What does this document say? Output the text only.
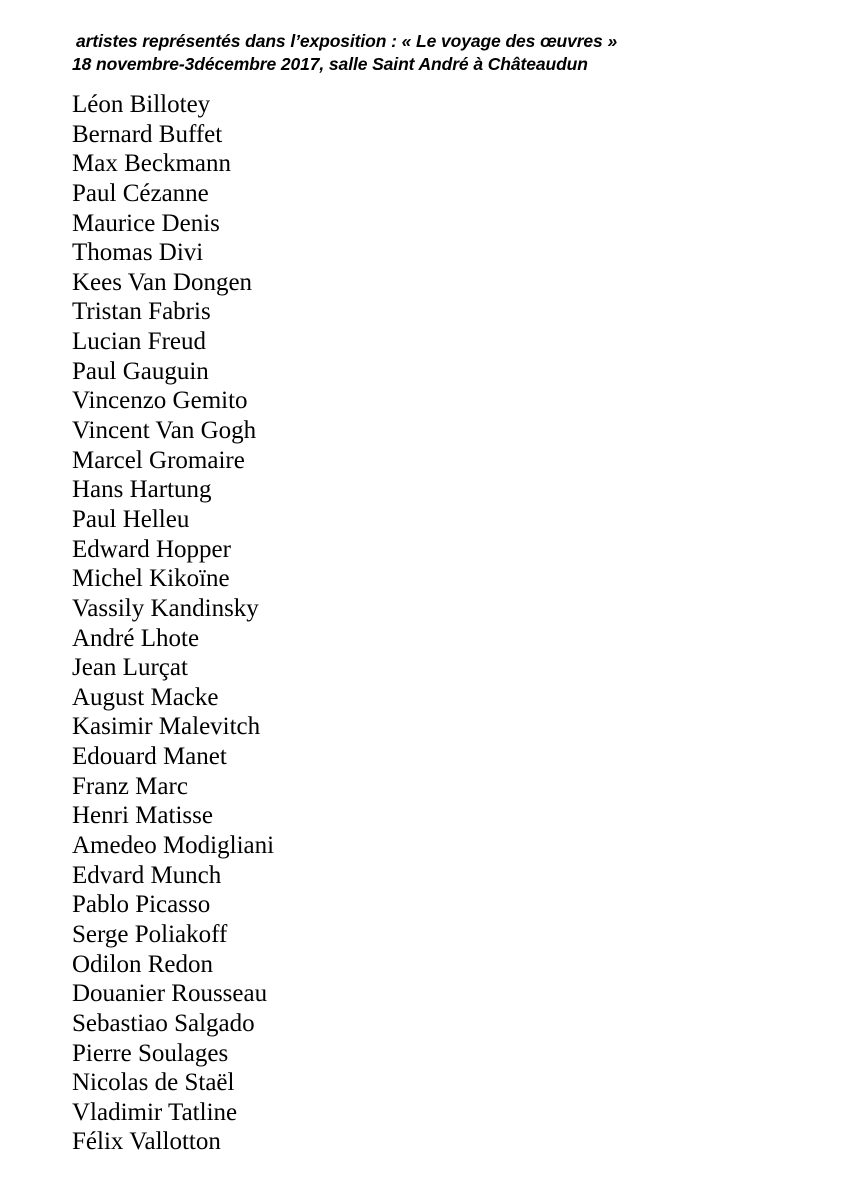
artistes représentés dans l’exposition : « Le voyage des œuvres »
18 novembre-3décembre 2017, salle Saint André à Châteaudun
Léon Billotey
Bernard Buffet
Max Beckmann
Paul Cézanne
Maurice Denis
Thomas Divi
Kees Van Dongen
Tristan Fabris
Lucian Freud
Paul Gauguin
Vincenzo Gemito
Vincent Van Gogh
Marcel Gromaire
Hans Hartung
Paul Helleu
Edward Hopper
Michel Kikoïne
Vassily Kandinsky
André Lhote
Jean Lurçat
August Macke
Kasimir Malevitch
Edouard Manet
Franz Marc
Henri Matisse
Amedeo Modigliani
Edvard Munch
Pablo Picasso
Serge Poliakoff
Odilon Redon
Douanier Rousseau
Sebastiao Salgado
Pierre Soulages
Nicolas de Staël
Vladimir Tatline
Félix Vallotton
